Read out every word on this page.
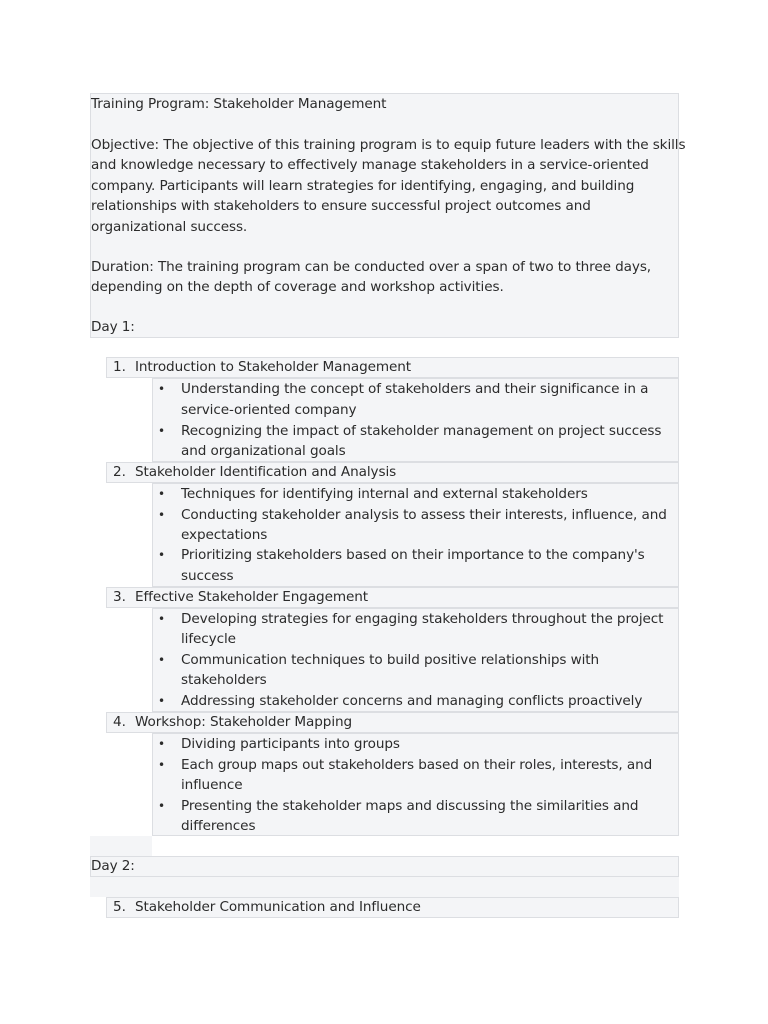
Training Program: Stakeholder Management
Objective: The objective of this training program is to equip future leaders with the skills
and knowledge necessary to effectively manage stakeholders in a service-oriented
company. Participants will learn strategies for identifying, engaging, and building
relationships with stakeholders to ensure successful project outcomes and
organizational success.
Duration: The training program can be conducted over a span of two to three days,
depending on the depth of coverage and workshop activities.
Day 1:
1. Introduction to Stakeholder Management
• Understanding the concept of stakeholders and their significance in a
service-oriented company
• Recognizing the impact of stakeholder management on project success
and organizational goals
2. Stakeholder Identification and Analysis
• Techniques for identifying internal and external stakeholders
• Conducting stakeholder analysis to assess their interests, influence, and
expectations
• Prioritizing stakeholders based on their importance to the company's
success
3. Effective Stakeholder Engagement
• Developing strategies for engaging stakeholders throughout the project
lifecycle
• Communication techniques to build positive relationships with
stakeholders
• Addressing stakeholder concerns and managing conflicts proactively
4. Workshop: Stakeholder Mapping
• Dividing participants into groups
• Each group maps out stakeholders based on their roles, interests, and
influence
• Presenting the stakeholder maps and discussing the similarities and
differences
Day 2:
5. Stakeholder Communication and Influence
